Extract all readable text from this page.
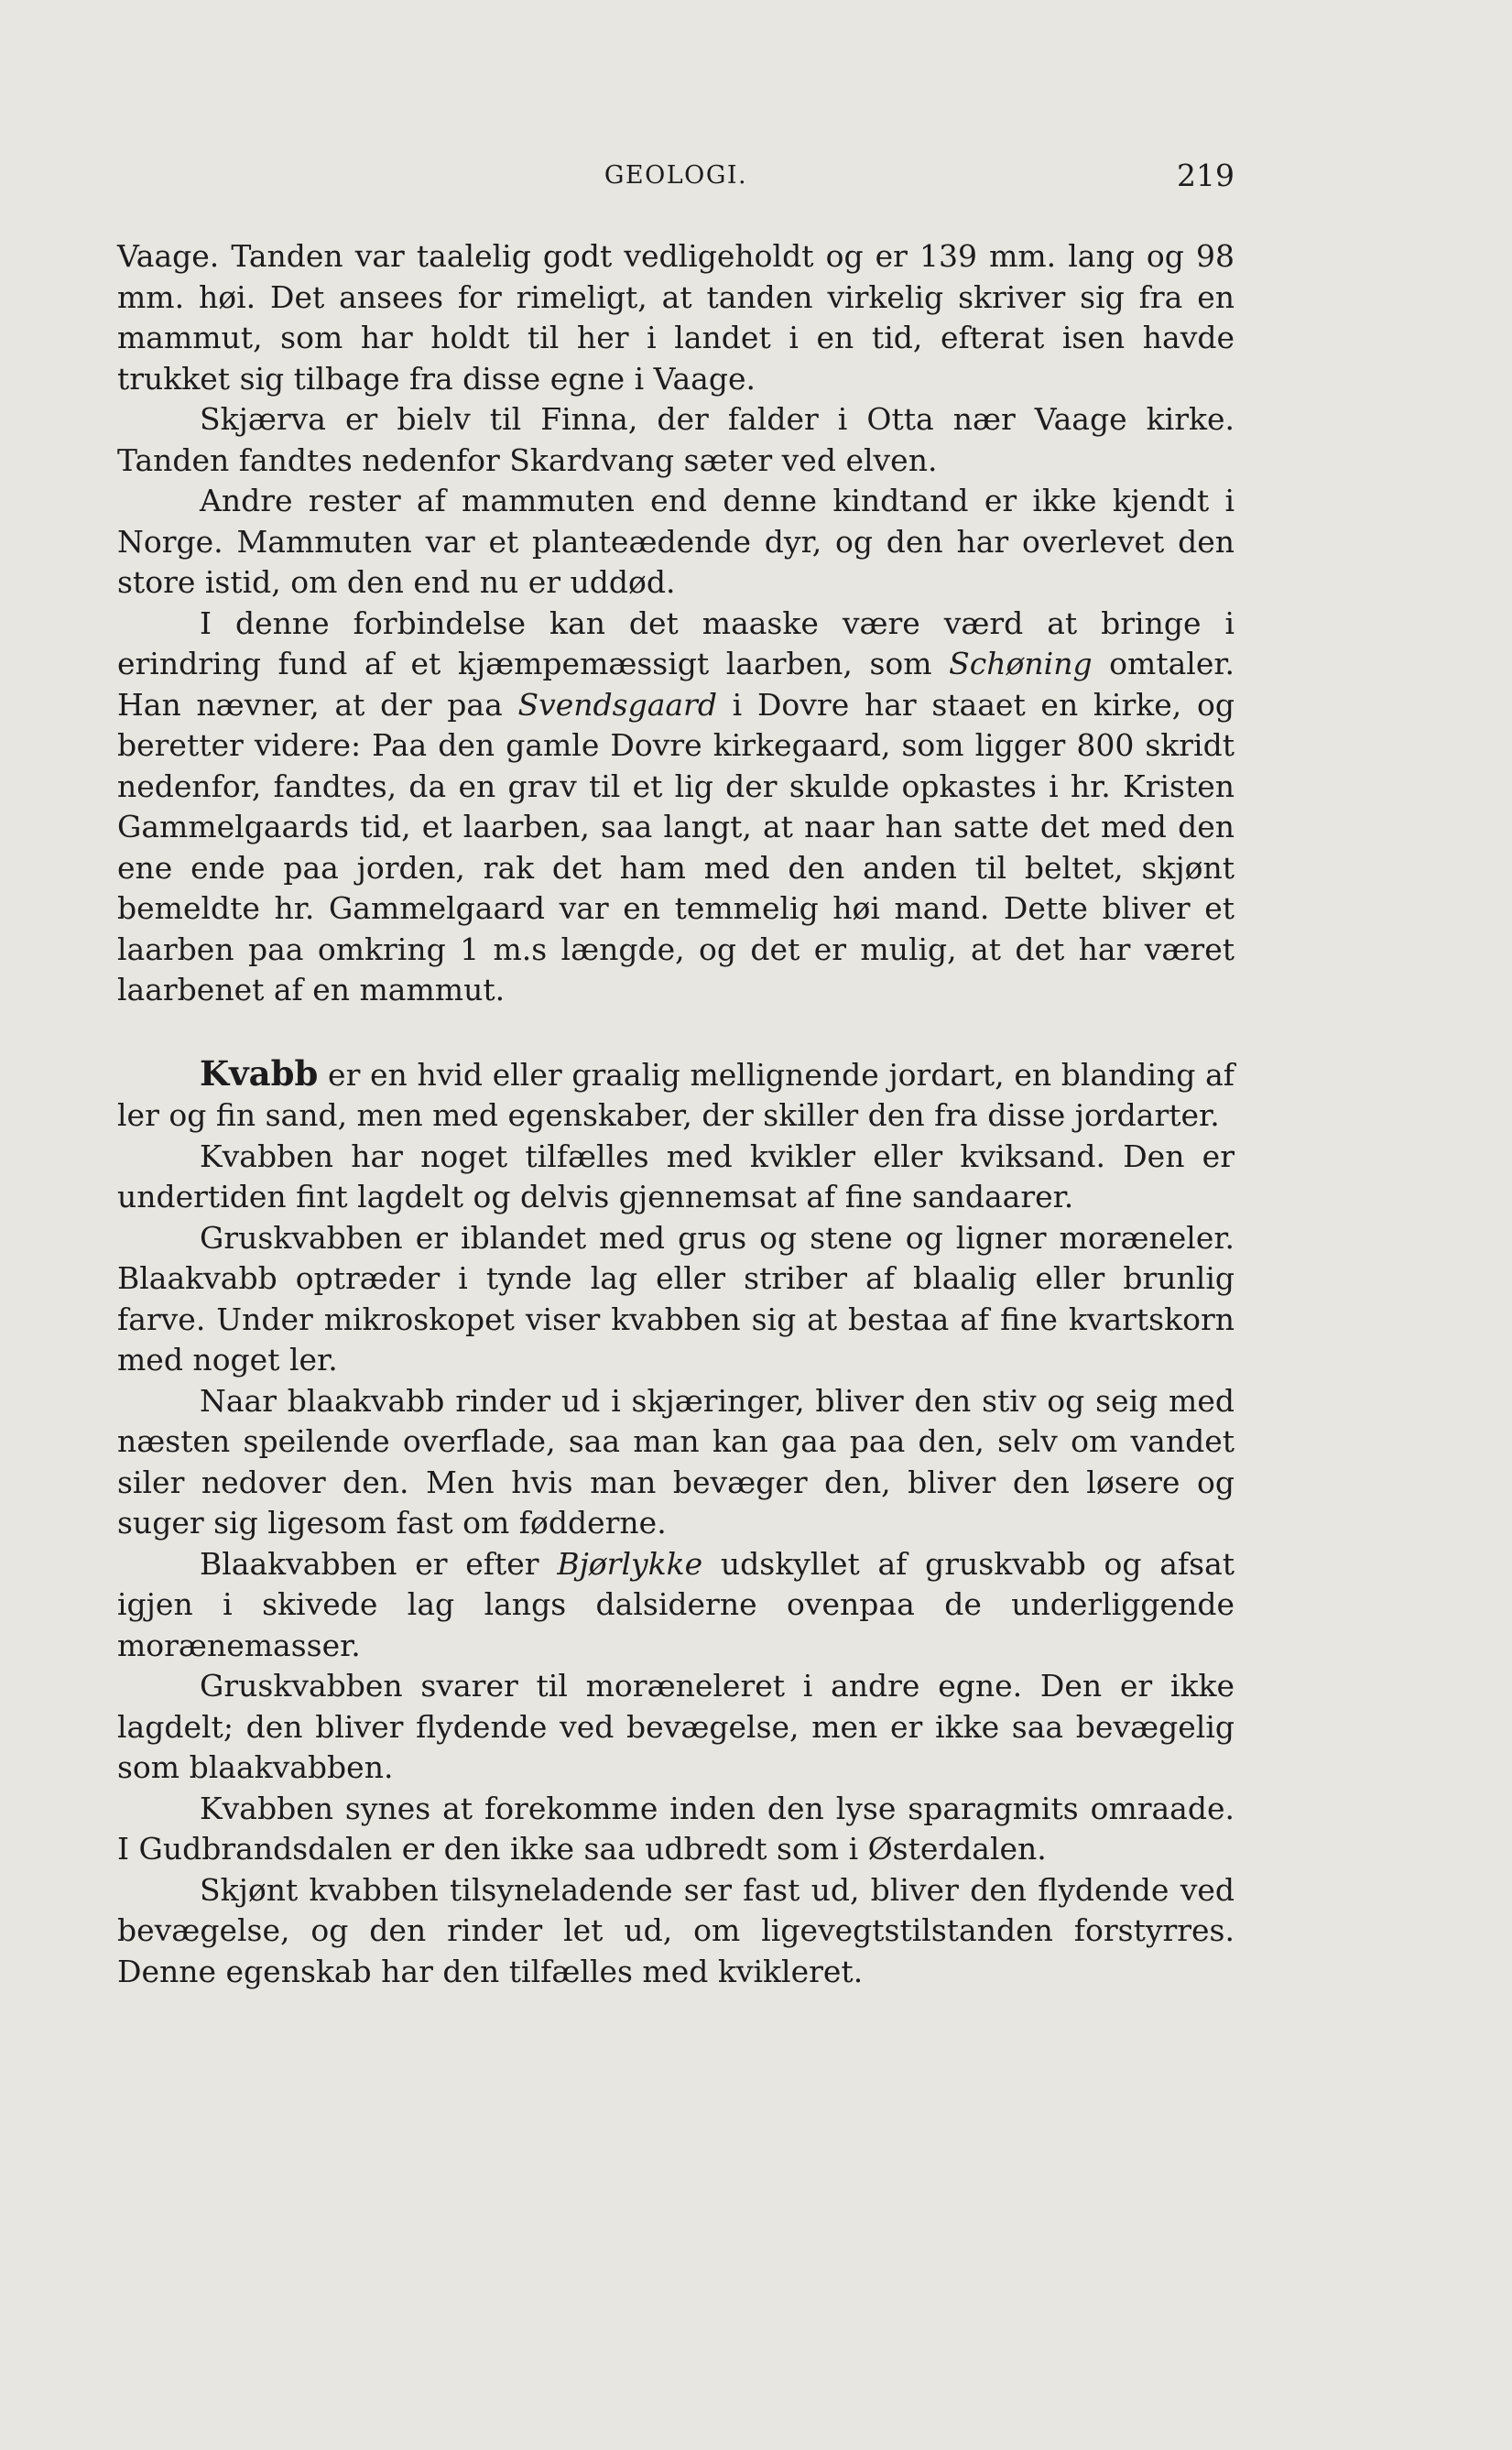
GEOLOGI.	219

Vaage. Tanden var taalelig godt vedligeholdt og er 139 mm. lang og 98 mm. høi. Det ansees for rimeligt, at tanden virkelig skriver sig fra en mammut, som har holdt til her i landet i en tid, efterat isen havde trukket sig tilbage fra disse egne i Vaage.

Skjærva er bielv til Finna, der falder i Otta nær Vaage kirke. Tanden fandtes nedenfor Skardvang sæter ved elven.

Andre rester af mammuten end denne kindtand er ikke kjendt i Norge. Mammuten var et planteædende dyr, og den har overlevet den store istid, om den end nu er uddød.

I denne forbindelse kan det maaske være værd at bringe i erindring fund af et kjæmpemæssigt laarben, som Schøning omtaler. Han nævner, at der paa Svendsgaard i Dovre har staaet en kirke, og beretter videre: Paa den gamle Dovre kirkegaard, som ligger 800 skridt nedenfor, fandtes, da en grav til et lig der skulde opkastes i hr. Kristen Gammelgaards tid, et laarben, saa langt, at naar han satte det med den ene ende paa jorden, rak det ham med den anden til beltet, skjønt bemeldte hr. Gammelgaard var en temmelig høi mand. Dette bliver et laarben paa omkring 1 m.s længde, og det er mulig, at det har været laarbenet af en mammut.

Kvabb er en hvid eller graalig mellignende jordart, en blanding af ler og fin sand, men med egenskaber, der skiller den fra disse jordarter.

Kvabben har noget tilfælles med kvikler eller kviksand. Den er undertiden fint lagdelt og delvis gjennemsat af fine sandaarer.

Gruskvabben er iblandet med grus og stene og ligner moræneler. Blaakvabb optræder i tynde lag eller striber af blaalig eller brunlig farve. Under mikroskopet viser kvabben sig at bestaa af fine kvartskorn med noget ler.

Naar blaakvabb rinder ud i skjæringer, bliver den stiv og seig med næsten speilende overflade, saa man kan gaa paa den, selv om vandet siler nedover den. Men hvis man bevæger den, bliver den løsere og suger sig ligesom fast om fødderne.

Blaakvabben er efter Bjørlykke udskyllet af gruskvabb og afsat igjen i skivede lag langs dalsiderne ovenpaa de underliggende morænemasser.

Gruskvabben svarer til moræneleret i andre egne. Den er ikke lagdelt; den bliver flydende ved bevægelse, men er ikke saa bevægelig som blaakvabben.

Kvabben synes at forekomme inden den lyse sparagmits omraade. I Gudbrandsdalen er den ikke saa udbredt som i Østerdalen.

Skjønt kvabben tilsyneladende ser fast ud, bliver den flydende ved bevægelse, og den rinder let ud, om ligevegtstilstanden forstyrres. Denne egenskab har den tilfælles med kvikleret.
